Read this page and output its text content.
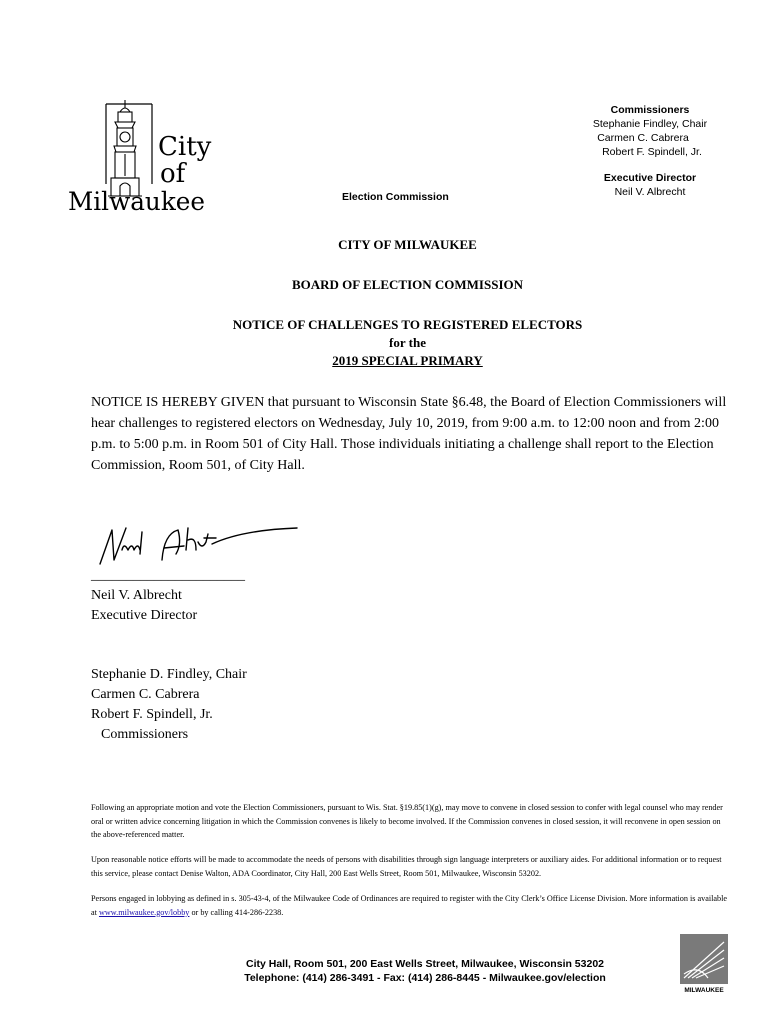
City
of
Milwaukee	Election Commission
Commissioners
Stephanie Findley, Chair
Carmen C. Cabrera
Robert F. Spindell, Jr.
Executive Director
Neil V. Albrecht
CITY OF MILWAUKEE
BOARD OF ELECTION COMMISSION
NOTICE OF CHALLENGES TO REGISTERED ELECTORS
for the
2019 SPECIAL PRIMARY
NOTICE IS HEREBY GIVEN that pursuant to Wisconsin State §6.48, the Board of Election Commissioners will hear challenges to registered electors on Wednesday, July 10, 2019, from 9:00 a.m. to 12:00 noon and from 2:00 p.m. to 5:00 p.m. in Room 501 of City Hall. Those individuals initiating a challenge shall report to the Election Commission, Room 501, of City Hall.
______________________
Neil V. Albrecht
Executive Director
Stephanie D. Findley, Chair
Carmen C. Cabrera
Robert F. Spindell, Jr.
Commissioners
Following an appropriate motion and vote the Election Commissioners, pursuant to Wis. Stat. §19.85(1)(g), may move to convene in closed session to confer with legal counsel who may render oral or written advice concerning litigation in which the Commission convenes is likely to become involved. If the Commission convenes in closed session, it will reconvene in open session on the above-referenced matter.
Upon reasonable notice efforts will be made to accommodate the needs of persons with disabilities through sign language interpreters or auxiliary aides. For additional information or to request this service, please contact Denise Walton, ADA Coordinator, City Hall, 200 East Wells Street, Room 501, Milwaukee, Wisconsin 53202.
Persons engaged in lobbying as defined in s. 305-43-4, of the Milwaukee Code of Ordinances are required to register with the City Clerk’s Office License Division. More information is available at www.milwaukee.gov/lobby or by calling 414-286-2238.
City Hall, Room 501, 200 East Wells Street, Milwaukee, Wisconsin 53202
Telephone: (414) 286-3491 - Fax: (414) 286-8445 - Milwaukee.gov/election
MILWAUKEE
